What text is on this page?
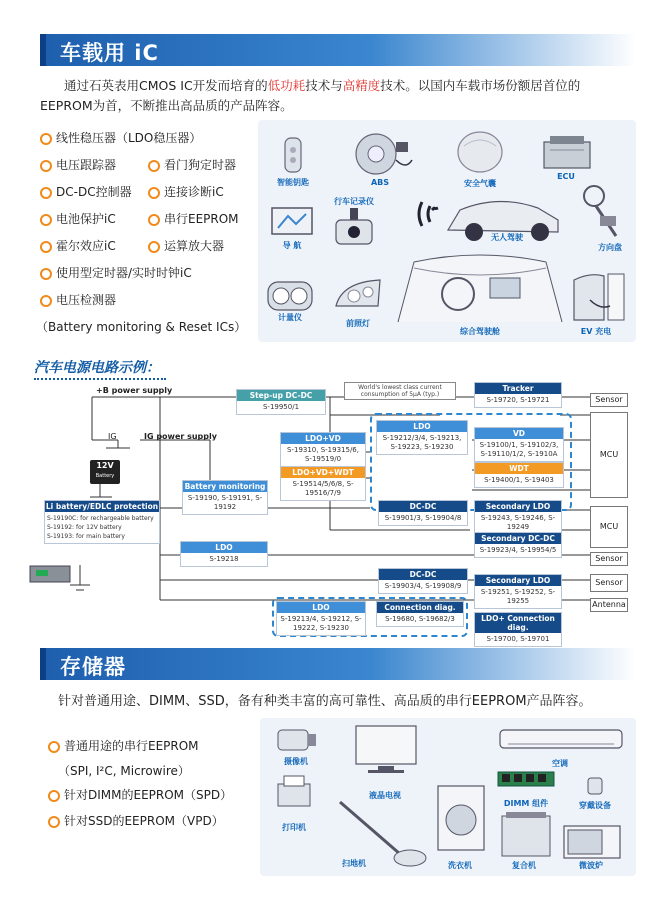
车载用 iC
通过石英表用CMOS IC开发而培育的低功耗技术与高精度技术。以国内车载市场份额居首位的
EEPROM为首，不断推出高品质的产品阵容。
线性稳压器（LDO稳压器）
电压跟踪器
DC-DC控制器
电池保护iC
霍尔效应iC
使用型定时器/实时时钟iC
电压检测器
看门狗定时器
连接诊断iC
串行EEPROM
运算放大器
（Battery monitoring & Reset ICs）
智能钥匙	ABS	安全气囊
ECU
行车记录仪
导 航
无人驾驶
方向盘
计量仪
前照灯
综合驾驶舱	EV 充电
汽车电源电路示例：
+B power supply
IG	IG power supply
12V
Battery
World's lowest class current consumption of 5μA (typ.)
Step-up DC-DC
S-19950/1
Tracker
S-19720, S-19721
LDO+VD
S-19310, S-19315/6, S-19519/0
LDO+VD+WDT
S-19514/5/6/8, S-19516/7/9
LDO
S-19212/3/4, S-19213, S-19223, S-19230
VD
S-19100/1, S-19102/3, S-19110/1/2, S-1910A
WDT
S-19400/1, S-19403
Battery monitoring
S-19190, S-19191, S-19192
Li battery/EDLC protection
S-19190C: for rechargeable battery
S-19192: for 12V battery
S-19193: for main battery
DC-DC
S-19901/3, S-19904/8
Secondary LDO
S-19243, S-19246, S-19249
Secondary DC-DC
S-19923/4, S-19954/5
LDO
S-19218
DC-DC
S-19903/4, S-19908/9
Secondary LDO
S-19251, S-19252, S-19255
LDO
S-19213/4, S-19212, S-19222, S-19230
Connection diag.
S-19680, S-19682/3	LDO+ Connection diag.
S-19700, S-19701
Sensor
MCU
MCU
Sensor
Sensor
Antenna
存储器
针对普通用途、DIMM、SSD，备有种类丰富的高可靠性、高品质的串行EEPROM产品阵容。
普通用途的串行EEPROM
（SPI, I²C, Microwire）
针对DIMM的EEPROM（SPD）
针对SSD的EEPROM（VPD）
摄像机
液晶电视
空调
打印机
DIMM 组件	穿戴设备
扫地机	洗衣机	复合机	微波炉
